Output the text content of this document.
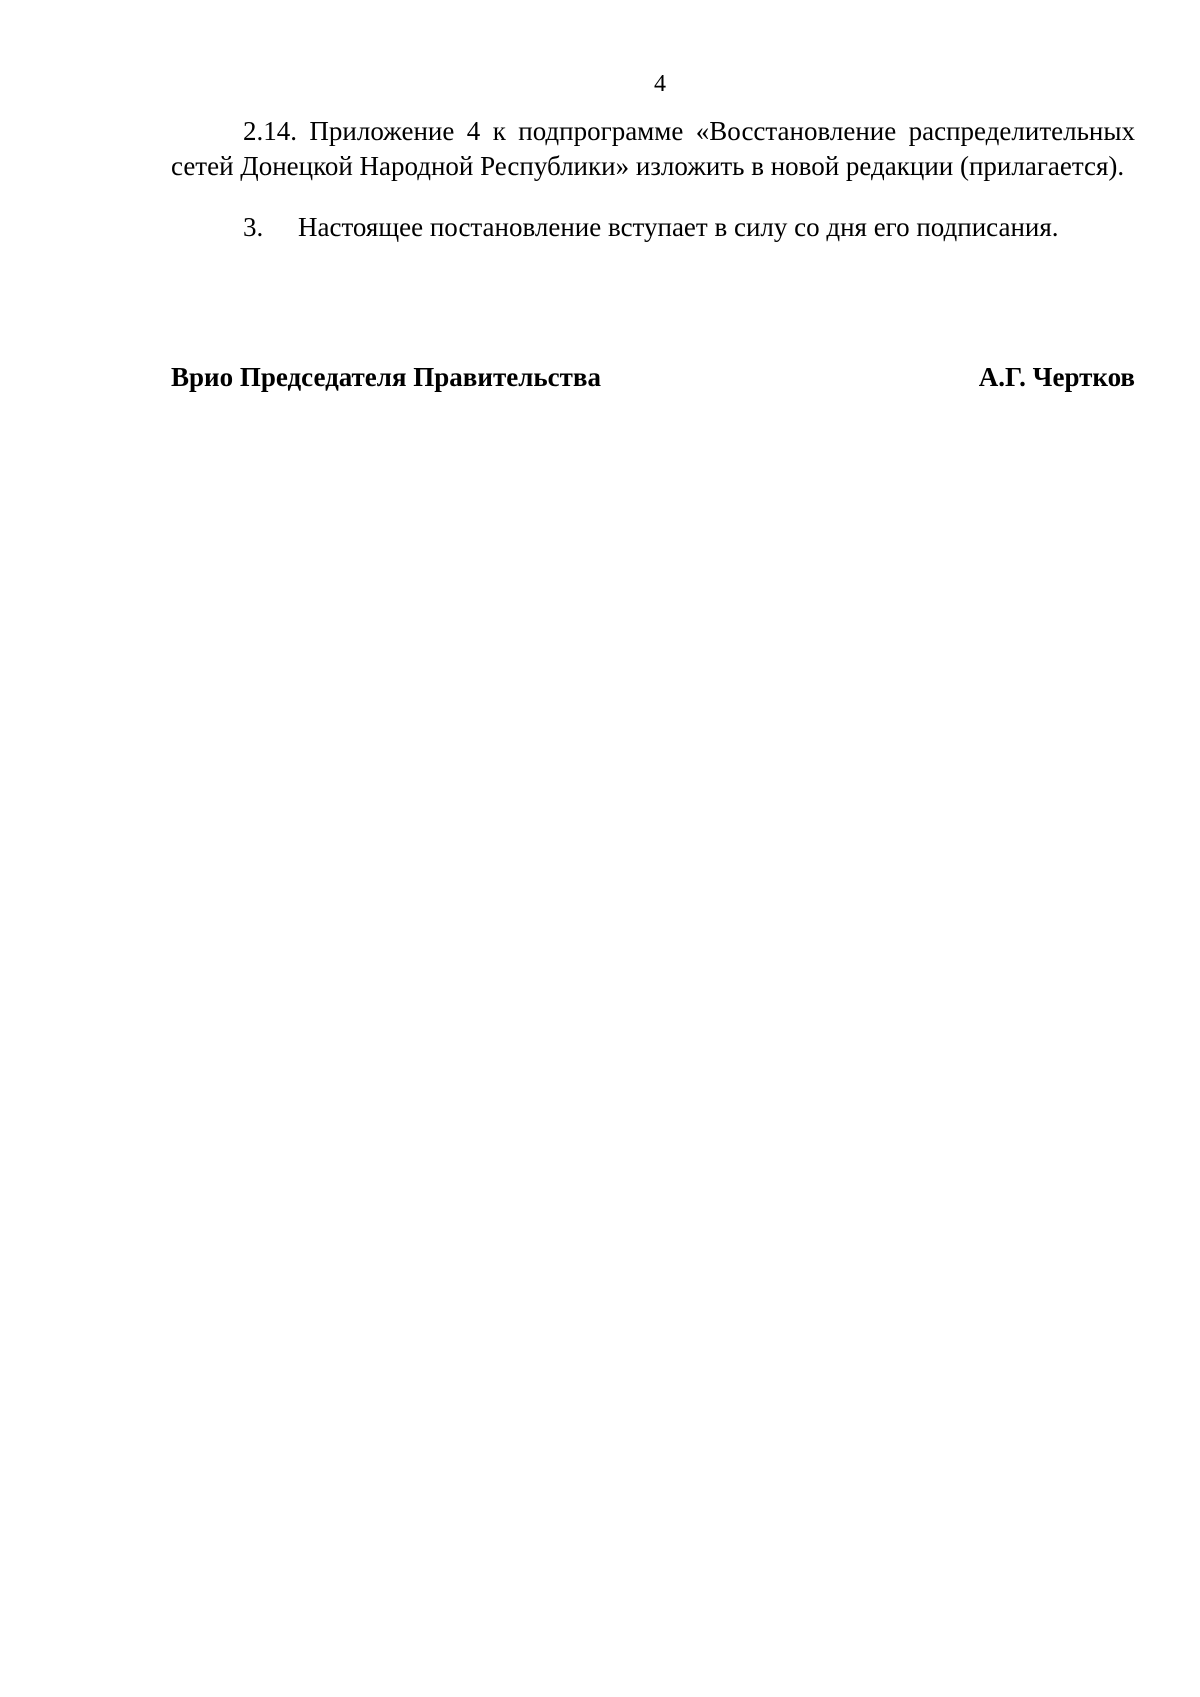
4

2.14. Приложение 4 к подпрограмме «Восстановление распределительных сетей Донецкой Народной Республики» изложить в новой редакции (прилагается).

3.	Настоящее постановление вступает в силу со дня его подписания.
Врио Председателя Правительства	А.Г. Чертков
